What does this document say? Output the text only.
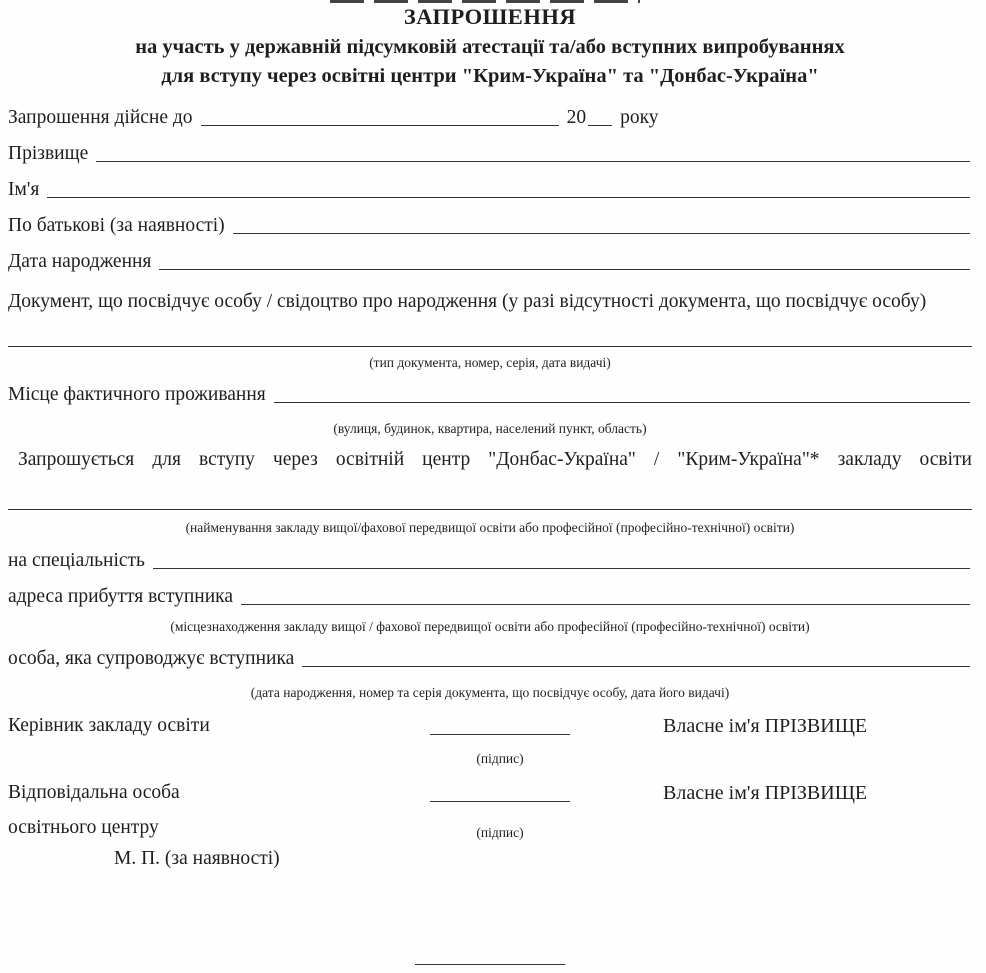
ЗАПРОШЕННЯ
на участь у державній підсумковій атестації та/або вступних випробуваннях
для вступу через освітні центри "Крим-Україна" та "Донбас-Україна"
Запрошення дійсне до	20 року
Прізвище
Ім'я
По батькові (за наявності)
Дата народження
Документ, що посвідчує особу / свідоцтво про народження (у разі відсутності документа, що посвідчує особу)
(тип документа, номер, серія, дата видачі)
Місце фактичного проживання
(вулиця, будинок, квартира, населений пункт, область)
Запрошується для вступу через освітній центр "Донбас-Україна" / "Крим-Україна"* закладу освіти
(найменування закладу вищої/фахової передвищої освіти або професійної (професійно-технічної) освіти)
на спеціальність
адреса прибуття вступника
(місцезнаходження закладу вищої / фахової передвищої освіти або професійної (професійно-технічної) освіти)
особа, яка супроводжує вступника
(дата народження, номер та серія документа, що посвідчує особу, дата його видачі)
Керівник закладу освіти	Власне ім'я ПРІЗВИЩЕ
(підпис)
Відповідальна особа	Власне ім'я ПРІЗВИЩЕ
освітнього центру	(підпис)
М. П. (за наявності)
